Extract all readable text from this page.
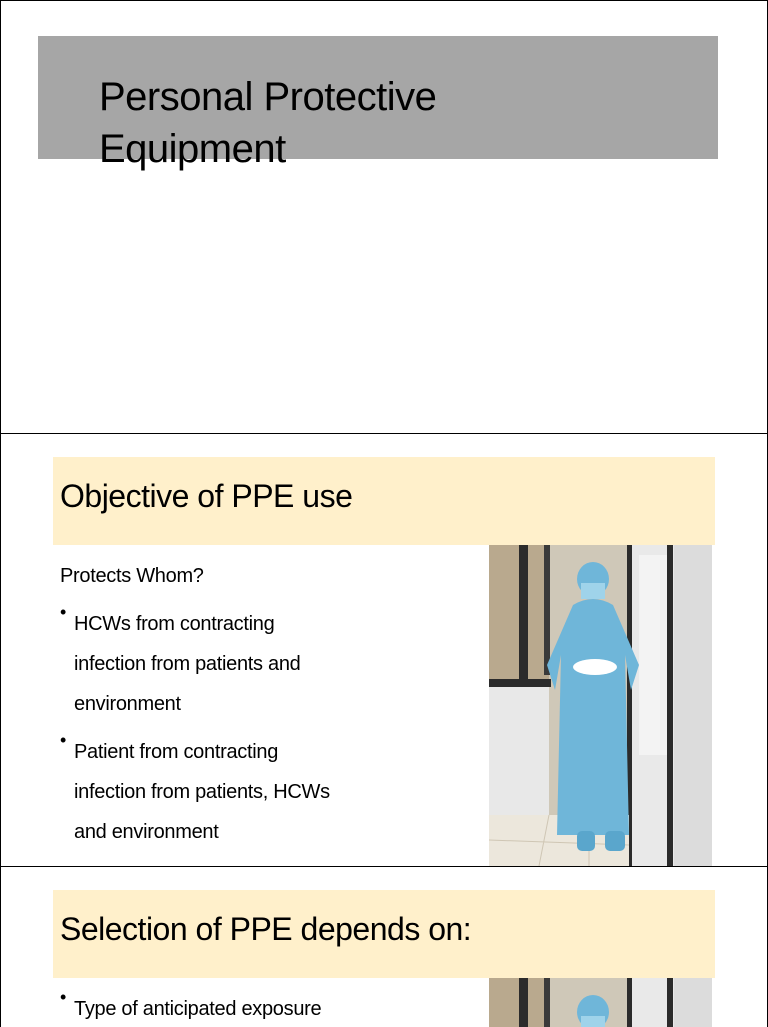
Personal Protective
Equipment
Objective of PPE use

Protects Whom?

• HCWs from contracting

infection from patients and

environment

• Patient from contracting

infection from patients, HCWs

and environment

Selection of PPE depends on:

• Type of anticipated exposure
